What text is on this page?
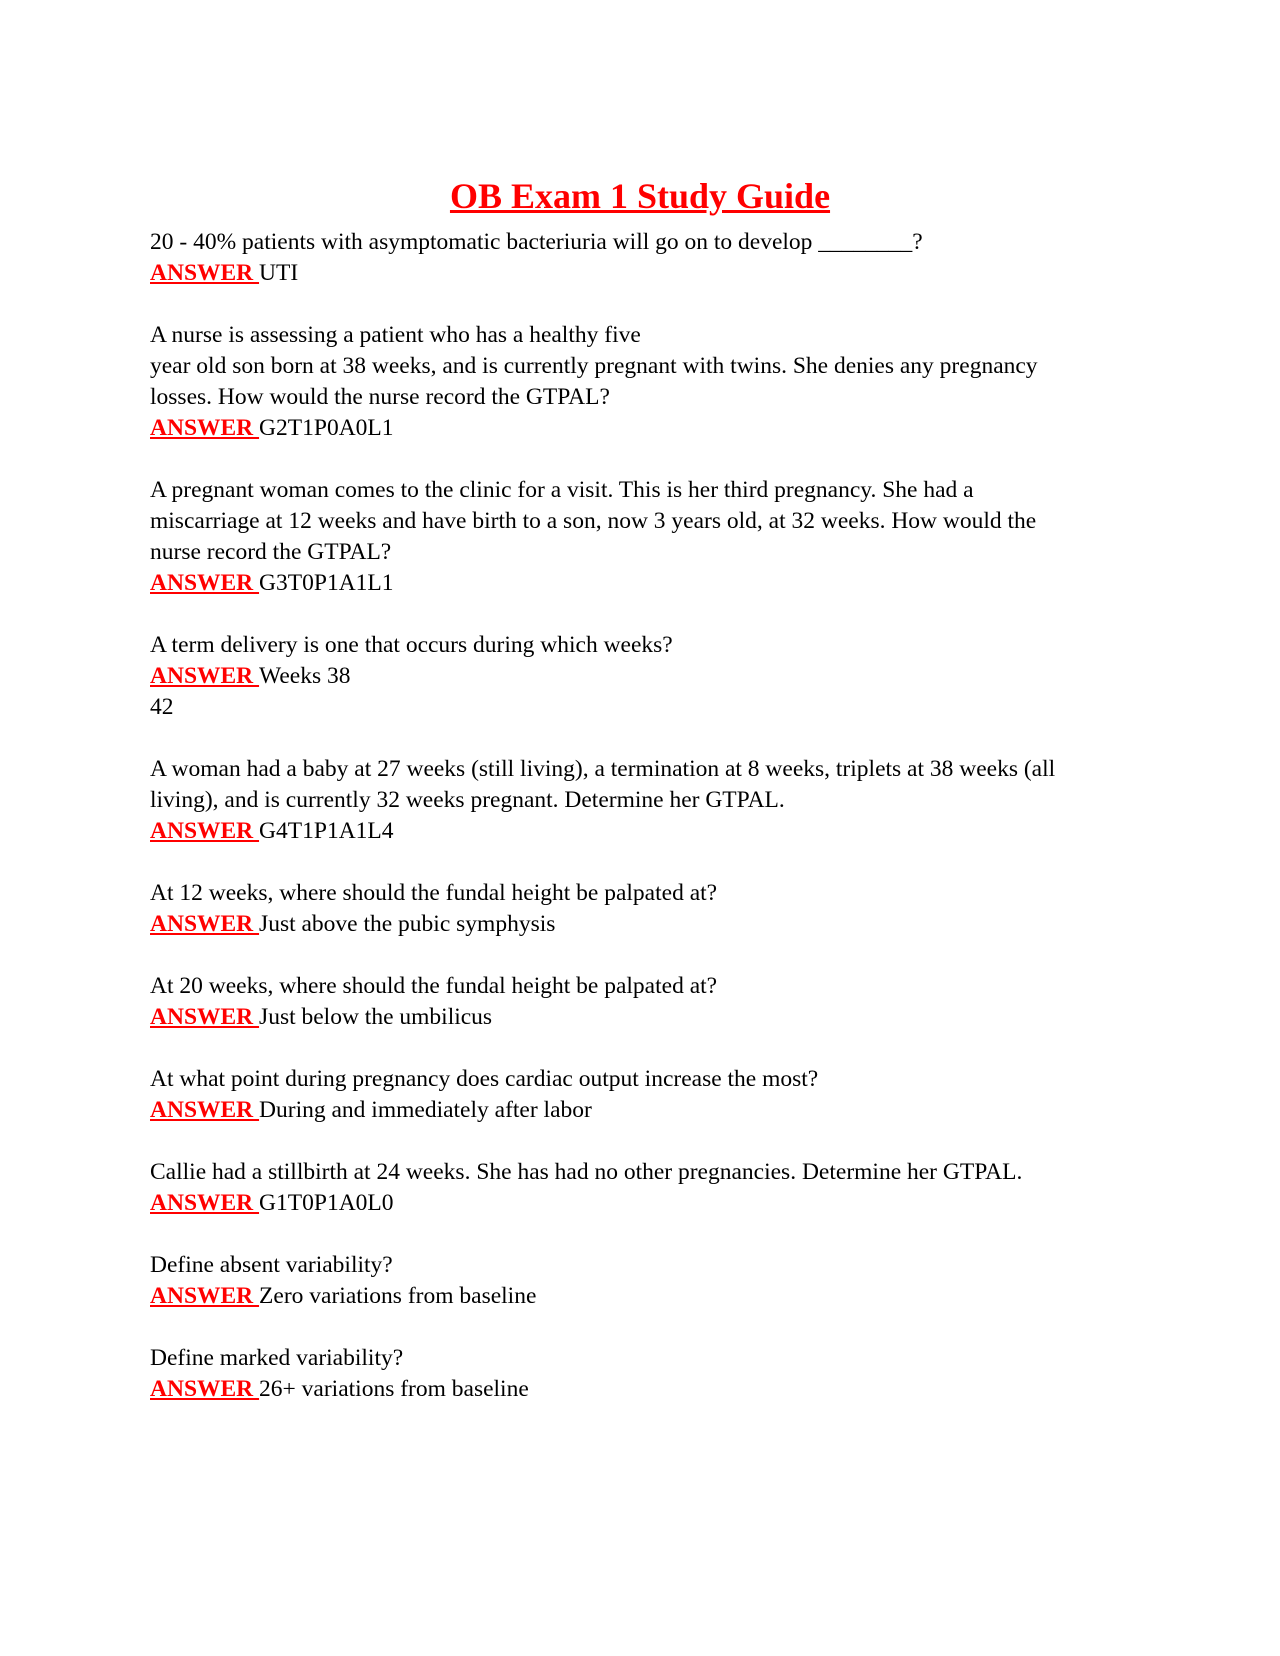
OB Exam 1 Study Guide
20 - 40% patients with asymptomatic bacteriuria will go on to develop ________?
ANSWER UTI
A nurse is assessing a patient who has a healthy five
year old son born at 38 weeks, and is currently pregnant with twins. She denies any pregnancy
losses. How would the nurse record the GTPAL?
ANSWER G2T1P0A0L1
A pregnant woman comes to the clinic for a visit. This is her third pregnancy. She had a
miscarriage at 12 weeks and have birth to a son, now 3 years old, at 32 weeks. How would the
nurse record the GTPAL?
ANSWER G3T0P1A1L1
A term delivery is one that occurs during which weeks?
ANSWER Weeks 38
42
A woman had a baby at 27 weeks (still living), a termination at 8 weeks, triplets at 38 weeks (all
living), and is currently 32 weeks pregnant. Determine her GTPAL.
ANSWER G4T1P1A1L4
At 12 weeks, where should the fundal height be palpated at?
ANSWER Just above the pubic symphysis
At 20 weeks, where should the fundal height be palpated at?
ANSWER Just below the umbilicus
At what point during pregnancy does cardiac output increase the most?
ANSWER During and immediately after labor
Callie had a stillbirth at 24 weeks. She has had no other pregnancies. Determine her GTPAL.
ANSWER G1T0P1A0L0
Define absent variability?
ANSWER Zero variations from baseline
Define marked variability?
ANSWER 26+ variations from baseline
